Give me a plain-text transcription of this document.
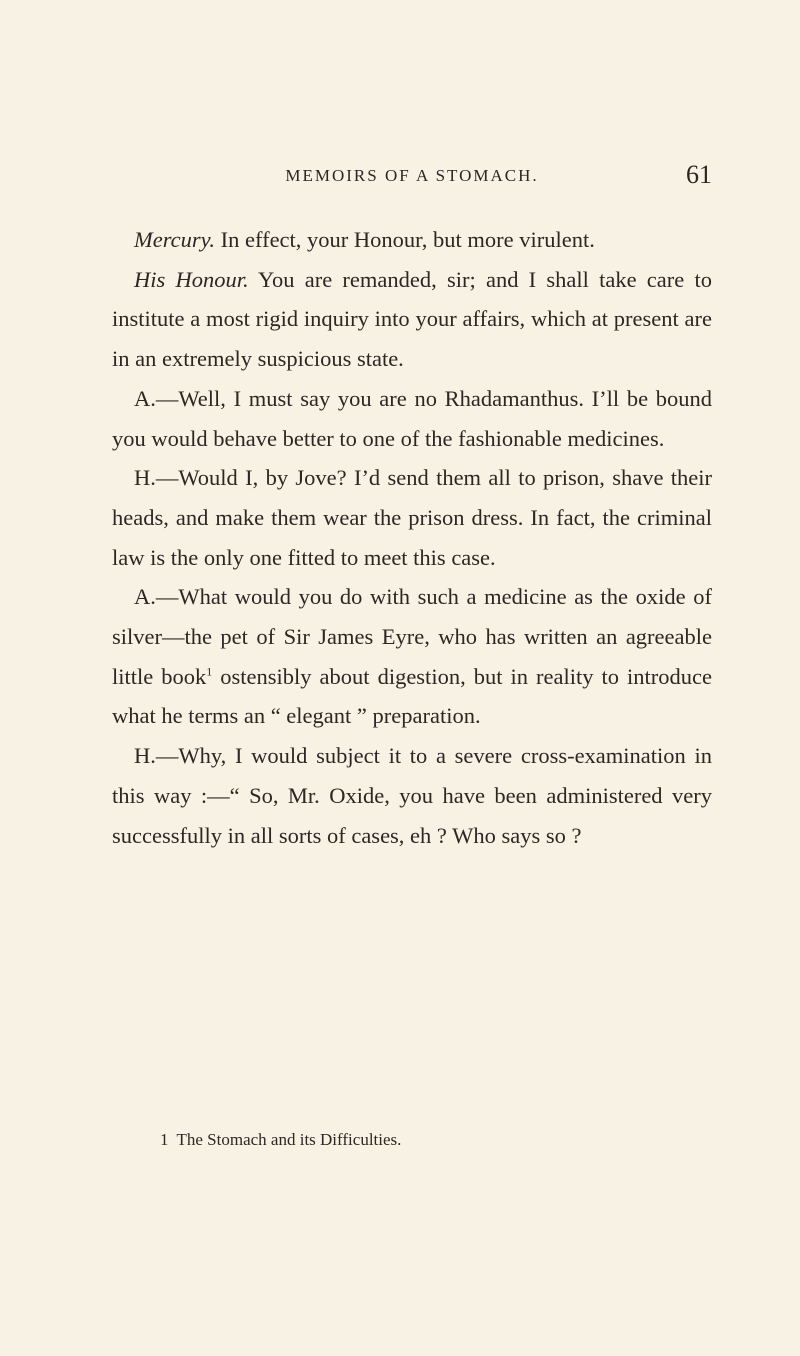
MEMOIRS OF A STOMACH.	61

Mercury. In effect, your Honour, but more virulent.

His Honour. You are remanded, sir; and I shall take care to institute a most rigid inquiry into your affairs, which at present are in an extremely suspicious state.

A.—Well, I must say you are no Rhadamanthus. I’ll be bound you would behave better to one of the fashionable medicines.

H.—Would I, by Jove? I’d send them all to prison, shave their heads, and make them wear the prison dress. In fact, the criminal law is the only one fitted to meet this case.

A.—What would you do with such a medicine as the oxide of silver—the pet of Sir James Eyre, who has written an agreeable little book$^1$ ostensibly about digestion, but in reality to introduce what he terms an “ elegant ” preparation.

H.—Why, I would subject it to a severe cross-examination in this way :—“ So, Mr. Oxide, you have been administered very successfully in all sorts of cases, eh ? Who says so ?

1 The Stomach and its Difficulties.
